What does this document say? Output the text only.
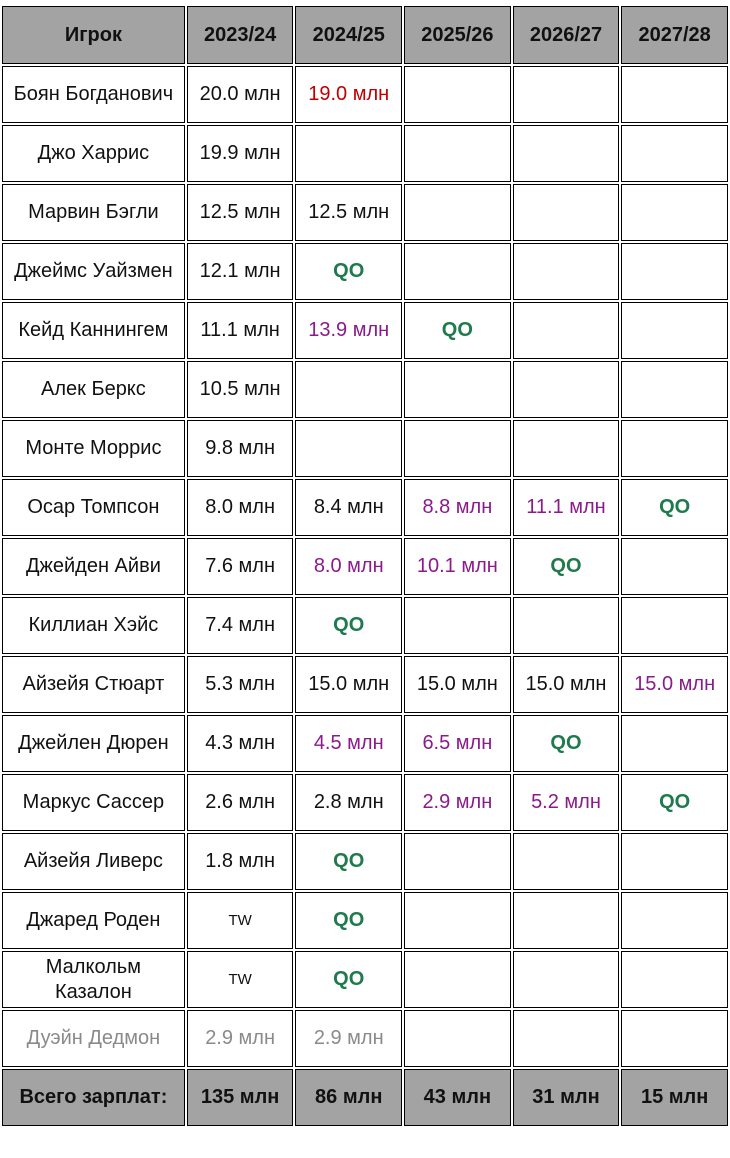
Игрок	2023/24	2024/25	2025/26	2026/27	2027/28
Боян Богданович	20.0 млн	19.0 млн			
Джо Харрис	19.9 млн				
Марвин Бэгли	12.5 млн	12.5 млн			
Джеймс Уайзмен	12.1 млн	QO			
Кейд Каннингем	11.1 млн	13.9 млн	QO		
Алек Беркс	10.5 млн				
Монте Моррис	9.8 млн				
Осар Томпсон	8.0 млн	8.4 млн	8.8 млн	11.1 млн	QO
Джейден Айви	7.6 млн	8.0 млн	10.1 млн	QO	
Киллиан Хэйс	7.4 млн	QO			
Айзейя Стюарт	5.3 млн	15.0 млн	15.0 млн	15.0 млн	15.0 млн
Джейлен Дюрен	4.3 млн	4.5 млн	6.5 млн	QO	
Маркус Сассер	2.6 млн	2.8 млн	2.9 млн	5.2 млн	QO
Айзейя Ливерс	1.8 млн	QO			
Джаред Роден	TW	QO			
Малкольм Казалон	TW	QO			
Дуэйн Дедмон	2.9 млн	2.9 млн			
Всего зарплат:	135 млн	86 млн	43 млн	31 млн	15 млн
